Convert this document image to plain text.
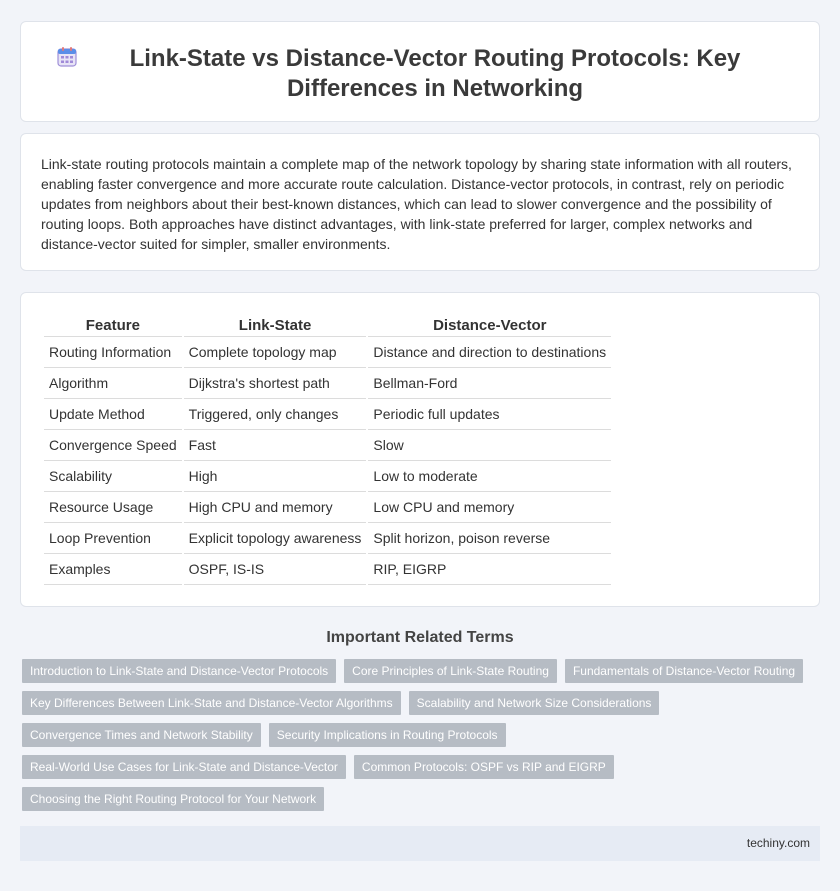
Link-State vs Distance-Vector Routing Protocols: Key Differences in Networking

Link-state routing protocols maintain a complete map of the network topology by sharing state information with all routers, enabling faster convergence and more accurate route calculation. Distance-vector protocols, in contrast, rely on periodic updates from neighbors about their best-known distances, which can lead to slower convergence and the possibility of routing loops. Both approaches have distinct advantages, with link-state preferred for larger, complex networks and distance-vector suited for simpler, smaller environments.

Feature	Link-State	Distance-Vector
Routing Information	Complete topology map	Distance and direction to destinations
Algorithm	Dijkstra's shortest path	Bellman-Ford
Update Method	Triggered, only changes	Periodic full updates
Convergence Speed	Fast	Slow
Scalability	High	Low to moderate
Resource Usage	High CPU and memory	Low CPU and memory
Loop Prevention	Explicit topology awareness	Split horizon, poison reverse
Examples	OSPF, IS-IS	RIP, EIGRP
Important Related Terms
Introduction to Link-State and Distance-Vector Protocols	Core Principles of Link-State Routing	Fundamentals of Distance-Vector Routing
Key Differences Between Link-State and Distance-Vector Algorithms	Scalability and Network Size Considerations
Convergence Times and Network Stability	Security Implications in Routing Protocols
Real-World Use Cases for Link-State and Distance-Vector	Common Protocols: OSPF vs RIP and EIGRP
Choosing the Right Routing Protocol for Your Network
techiny.com
